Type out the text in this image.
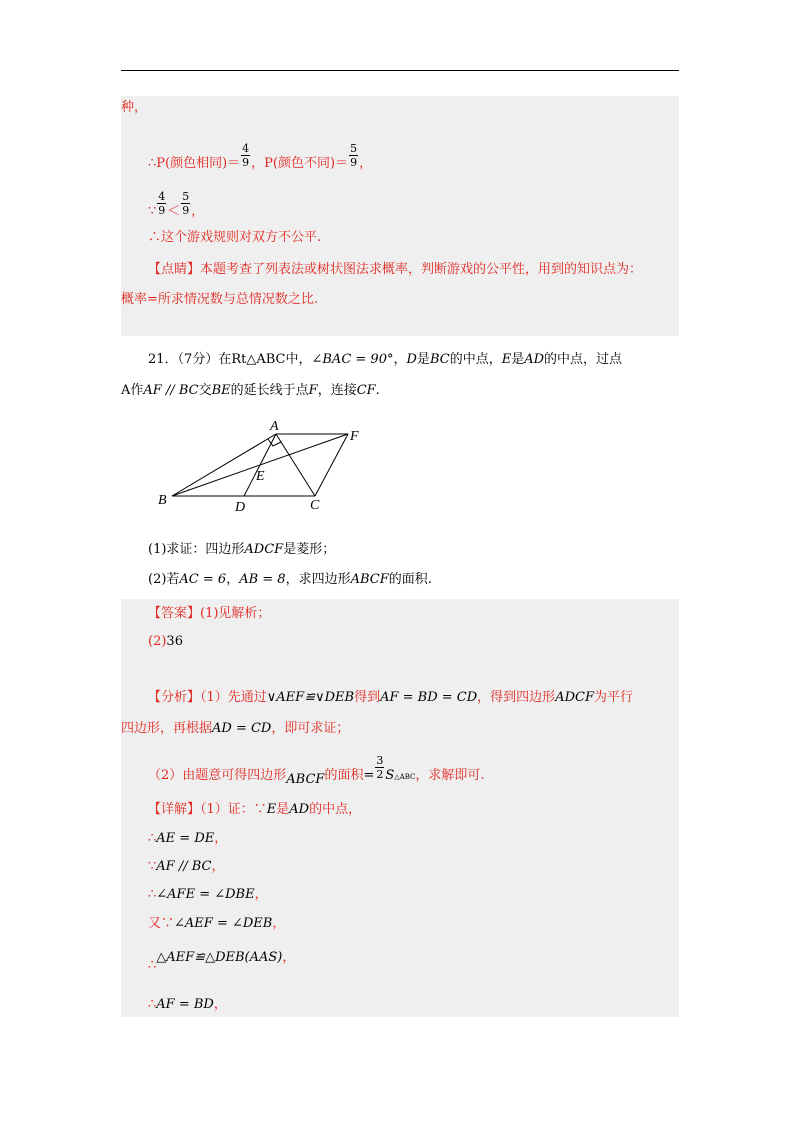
种，
∴P(颜色相同)＝ $\frac{4}{9}$ ，P(颜色不同)＝ $\frac{5}{9}$ ，
∵ $\frac{4}{9} < \frac{5}{9}$ ，
∴这个游戏规则对双方不公平.
【点睛】本题考查了列表法或树状图法求概率，判断游戏的公平性，用到的知识点为：
概率=所求情况数与总情况数之比.
21．（7分）在Rt△ABC中，∠BAC = 90°，D是BC的中点，E是AD的中点，过点
A作AF // BC交BE的延长线于点F，连接CF.
A
F
E
B	D	C
(1)求证：四边形ADCF是菱形；
(2)若AC = 6，AB = 8，求四边形ABCF的面积.
【答案】(1)见解析；
(2)36
【分析】（1）先通过∨AEF≌∨DEB得到AF = BD = CD，得到四边形ADCF为平行
四边形，再根据AD = CD，即可求证；
（2）由题意可得四边形ABCF的面积= $\frac{3}{2}$ S△ABC，求解即可.
【详解】（1）证：∵E是AD的中点，
∴AE = DE，
∵AF // BC，
∴∠AFE = ∠DBE，
又∵∠AEF = ∠DEB，
∴△AEF≌△DEB(AAS)，
∴AF = BD，
